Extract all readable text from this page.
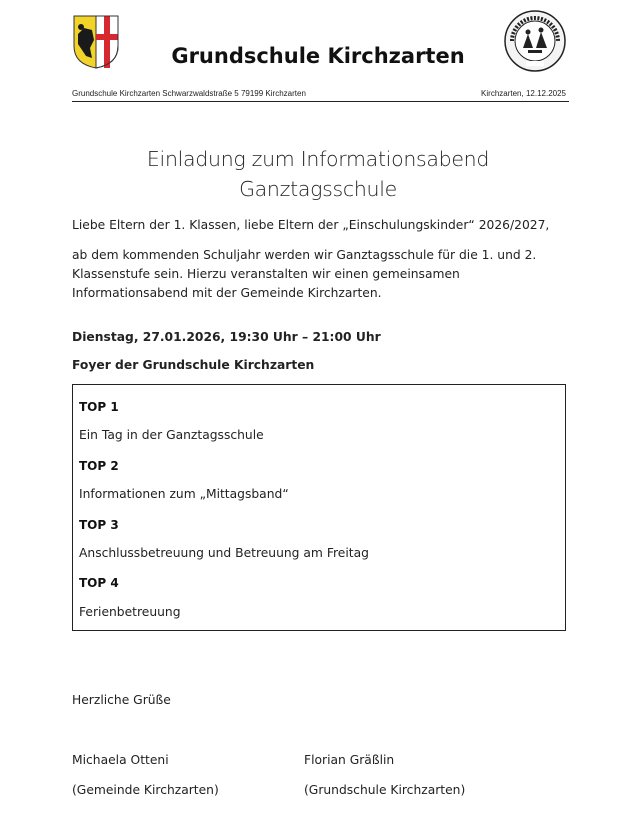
Grundschule Kirchzarten
Grundschule Kirchzarten Schwarzwaldstraße 5 79199 Kirchzarten	Kirchzarten, 12.12.2025
Einladung zum Informationsabend
Ganztagsschule
Liebe Eltern der 1. Klassen, liebe Eltern der „Einschulungskinder“ 2026/2027,
ab dem kommenden Schuljahr werden wir Ganztagsschule für die 1. und 2. Klassenstufe sein. Hierzu veranstalten wir einen gemeinsamen Informationsabend mit der Gemeinde Kirchzarten.
Dienstag, 27.01.2026, 19:30 Uhr – 21:00 Uhr
Foyer der Grundschule Kirchzarten
TOP 1
Ein Tag in der Ganztagsschule
TOP 2
Informationen zum „Mittagsband“
TOP 3
Anschlussbetreuung und Betreuung am Freitag
TOP 4
Ferienbetreuung
Herzliche Grüße
Michaela Otteni
(Gemeinde Kirchzarten)
Florian Gräßlin
(Grundschule Kirchzarten)
